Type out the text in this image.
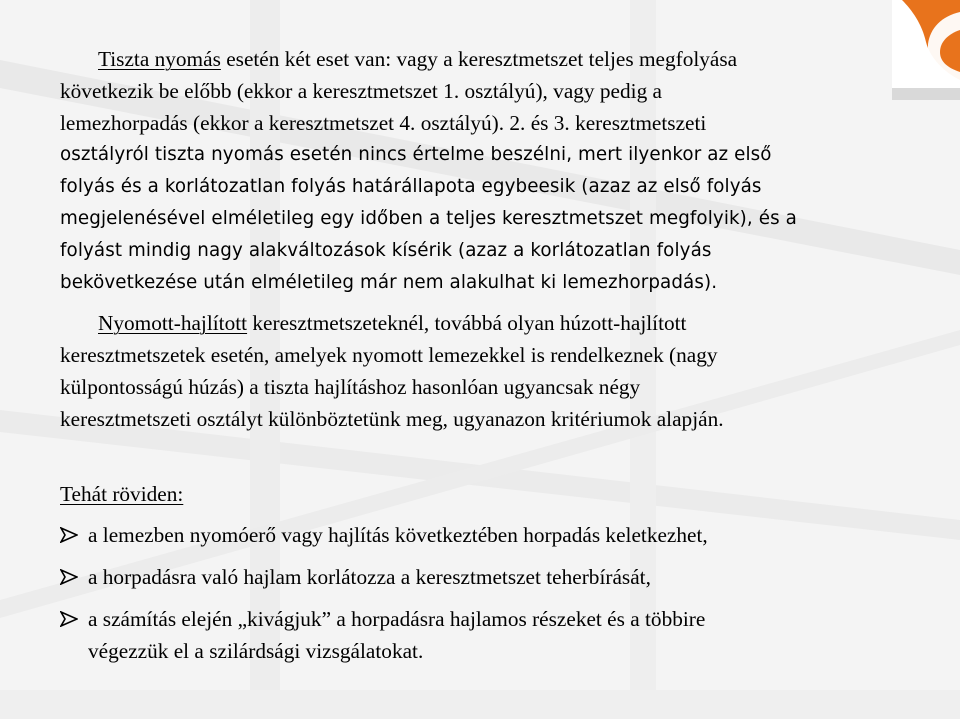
Tiszta nyomás esetén két eset van: vagy a keresztmetszet teljes megfolyása
következik be előbb (ekkor a keresztmetszet 1. osztályú), vagy pedig a
lemezhorpadás (ekkor a keresztmetszet 4. osztályú). 2. és 3. keresztmetszeti
osztályról tiszta nyomás esetén nincs értelme beszélni, mert ilyenkor az első
folyás és a korlátozatlan folyás határállapota egybeesik (azaz az első folyás
megjelenésével elméletileg egy időben a teljes keresztmetszet megfolyik), és a
folyást mindig nagy alakváltozások kísérik (azaz a korlátozatlan folyás
bekövetkezése után elméletileg már nem alakulhat ki lemezhorpadás).

Nyomott-hajlított keresztmetszeteknél, továbbá olyan húzott-hajlított
keresztmetszetek esetén, amelyek nyomott lemezekkel is rendelkeznek (nagy
külpontosságú húzás) a tiszta hajlításhoz hasonlóan ugyancsak négy
keresztmetszeti osztályt különböztetünk meg, ugyanazon kritériumok alapján.

Tehát röviden:
a lemezben nyomóerő vagy hajlítás következtében horpadás keletkezhet,
a horpadásra való hajlam korlátozza a keresztmetszet teherbírását,
a számítás elején „kivágjuk” a horpadásra hajlamos részeket és a többire
végezzük el a szilárdsági vizsgálatokat.
